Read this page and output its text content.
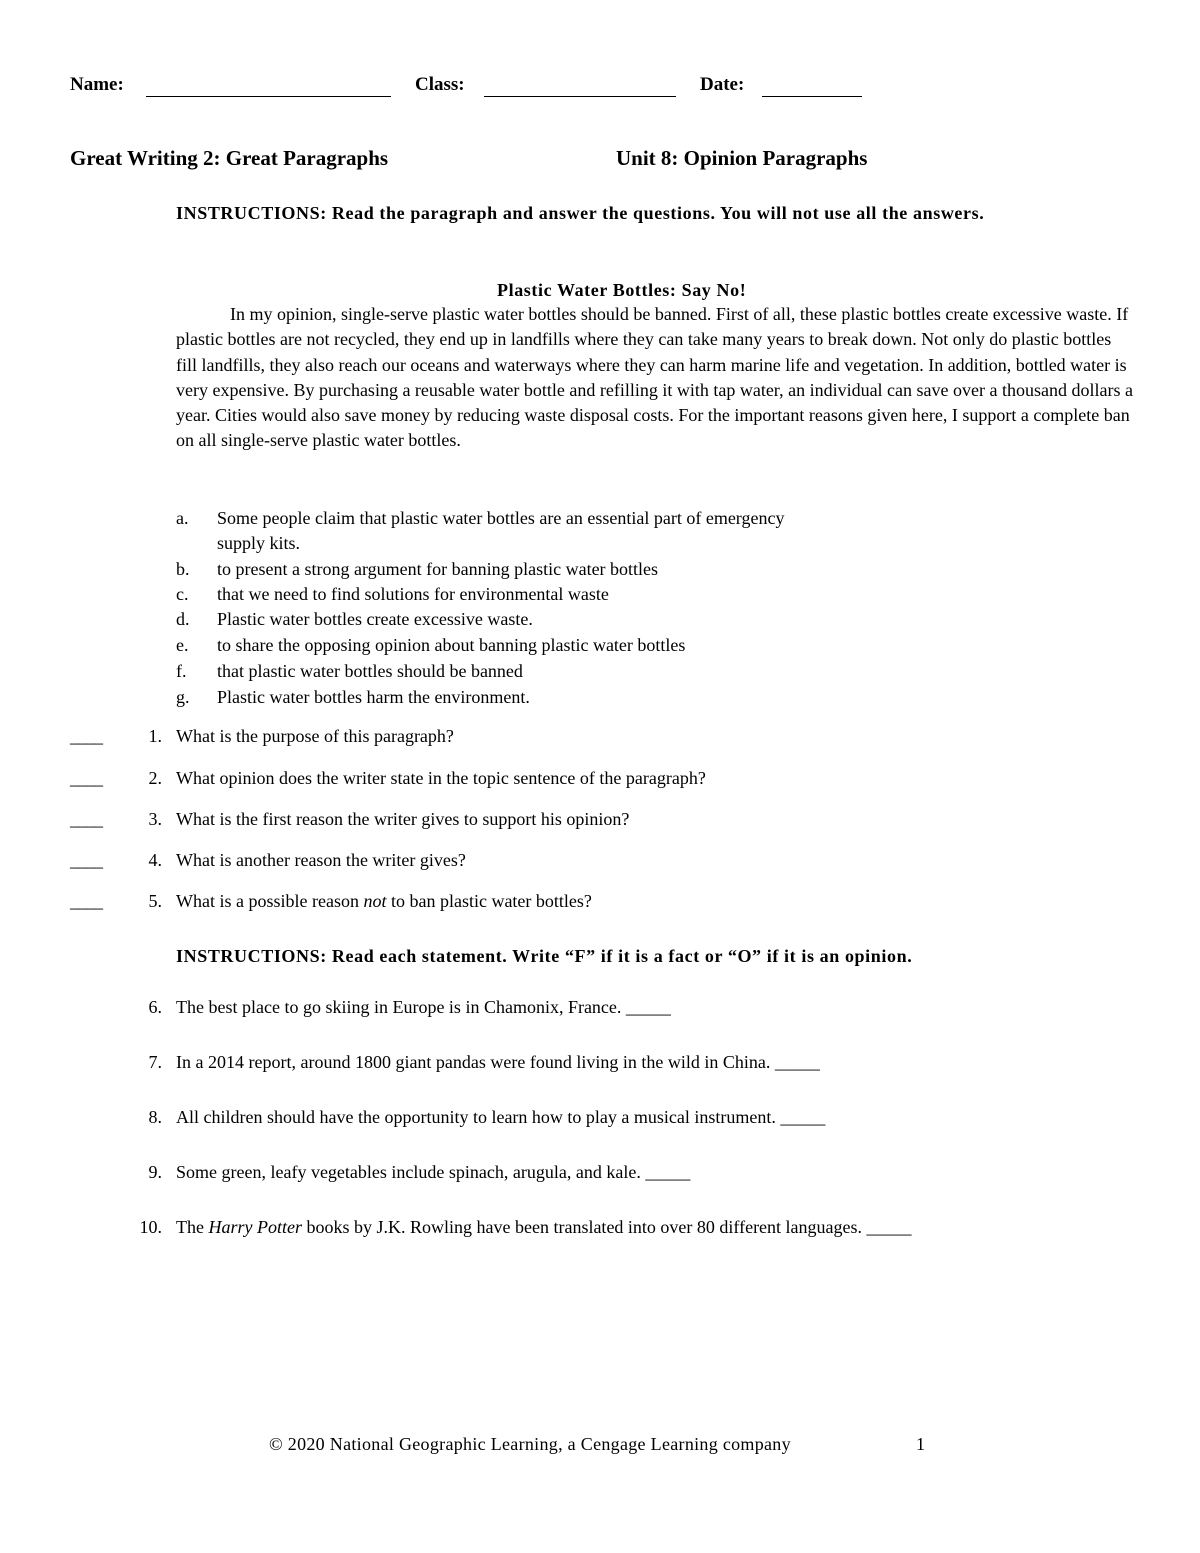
Name:	Class:	Date:
Great Writing 2: Great Paragraphs	Unit 8: Opinion Paragraphs
INSTRUCTIONS: Read the paragraph and answer the questions. You will not use all the answers.
Plastic Water Bottles: Say No!

In my opinion, single-serve plastic water bottles should be banned. First of all, these plastic bottles create excessive waste. If plastic bottles are not recycled, they end up in landfills where they can take many years to break down. Not only do plastic bottles fill landfills, they also reach our oceans and waterways where they can harm marine life and vegetation. In addition, bottled water is very expensive. By purchasing a reusable water bottle and refilling it with tap water, an individual can save over a thousand dollars a year. Cities would also save money by reducing waste disposal costs. For the important reasons given here, I support a complete ban on all single-serve plastic water bottles.

a. Some people claim that plastic water bottles are an essential part of emergency
supply kits.
b. to present a strong argument for banning plastic water bottles
c. that we need to find solutions for environmental waste
d. Plastic water bottles create excessive waste.
e. to share the opposing opinion about banning plastic water bottles
f. that plastic water bottles should be banned
g. Plastic water bottles harm the environment.
____	1. What is the purpose of this paragraph?
____	2. What opinion does the writer state in the topic sentence of the paragraph?
____	3. What is the first reason the writer gives to support his opinion?
____	4. What is another reason the writer gives?
____	5. What is a possible reason not to ban plastic water bottles?
INSTRUCTIONS: Read each statement. Write “F” if it is a fact or “O” if it is an opinion.
6. The best place to go skiing in Europe is in Chamonix, France. _____
7. In a 2014 report, around 1800 giant pandas were found living in the wild in China. _____
8. All children should have the opportunity to learn how to play a musical instrument. _____
9. Some green, leafy vegetables include spinach, arugula, and kale. _____
10. The Harry Potter books by J.K. Rowling have been translated into over 80 different languages. _____
© 2020 National Geographic Learning, a Cengage Learning company	1
